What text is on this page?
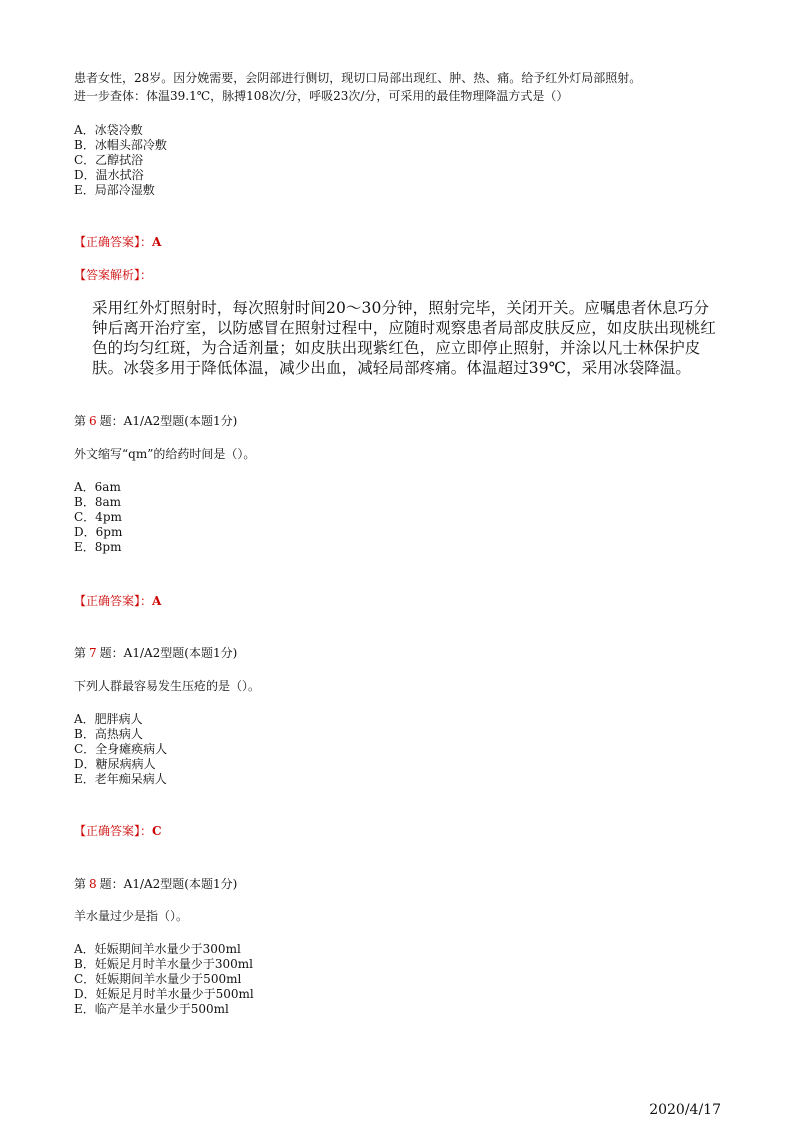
患者女性，28岁。因分娩需要，会阴部进行侧切，现切口局部出现红、肿、热、痛。给予红外灯局部照射。
进一步查体：体温39.1℃，脉搏108次/分，呼吸23次/分，可采用的最佳物理降温方式是（）
A．冰袋冷敷
B．冰帽头部冷敷
C．乙醇拭浴
D．温水拭浴
E．局部冷湿敷
【正确答案】：A
【答案解析】：
采用红外灯照射时，每次照射时间20～30分钟，照射完毕，关闭开关。应嘱患者休息巧分钟后离开治疗室，以防感冒在照射过程中，应随时观察患者局部皮肤反应，如皮肤出现桃红色的均匀红斑，为合适剂量；如皮肤出现紫红色，应立即停止照射，并涂以凡士林保护皮肤。冰袋多用于降低体温，减少出血，减轻局部疼痛。体温超过39℃，采用冰袋降温。
第 6 题：A1/A2型题(本题1分)
外文缩写“qm”的给药时间是（）。
A．6am
B．8am
C．4pm
D．6pm
E．8pm
【正确答案】：A
第 7 题：A1/A2型题(本题1分)
下列人群最容易发生压疮的是（）。
A．肥胖病人
B．高热病人
C．全身瘫痪病人
D．糖尿病病人
E．老年痴呆病人
【正确答案】：C
第 8 题：A1/A2型题(本题1分)
羊水量过少是指（）。
A．妊娠期间羊水量少于300ml
B．妊娠足月时羊水量少于300ml
C．妊娠期间羊水量少于500ml
D．妊娠足月时羊水量少于500ml
E．临产是羊水量少于500ml
2020/4/17
